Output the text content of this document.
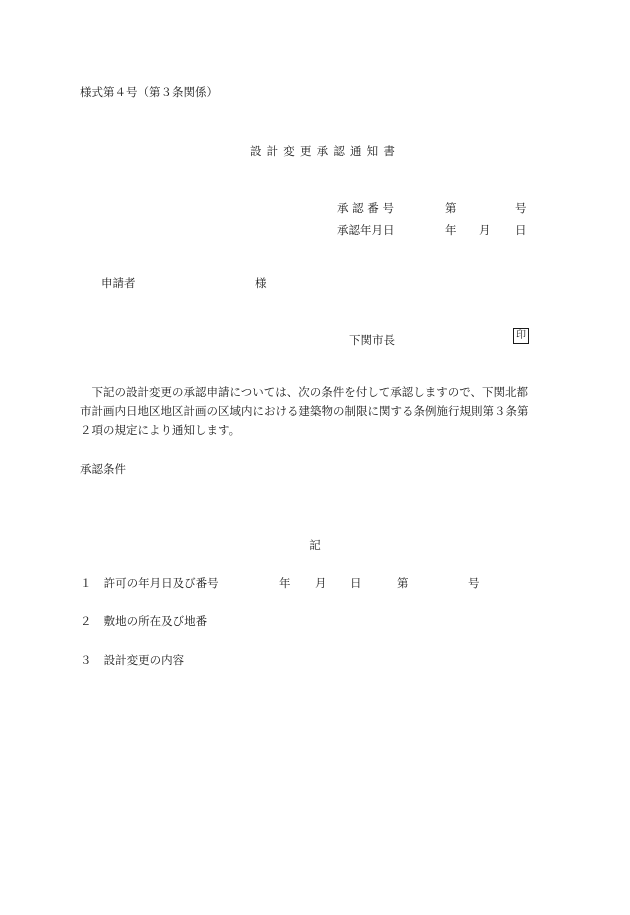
様式第４号（第３条関係）
設計変更承認通知書
承 認 番 号	第	号
承認年月日	年 月 日
申請者	様
下関市長	印
下記の設計変更の承認申請については、次の条件を付して承認しますので、下関北都市計画内日地区地区計画の区域内における建築物の制限に関する条例施行規則第３条第２項の規定により通知します。
承認条件
記
１ 許可の年月日及び番号	年 月 日	第	号
２ 敷地の所在及び地番
３ 設計変更の内容
